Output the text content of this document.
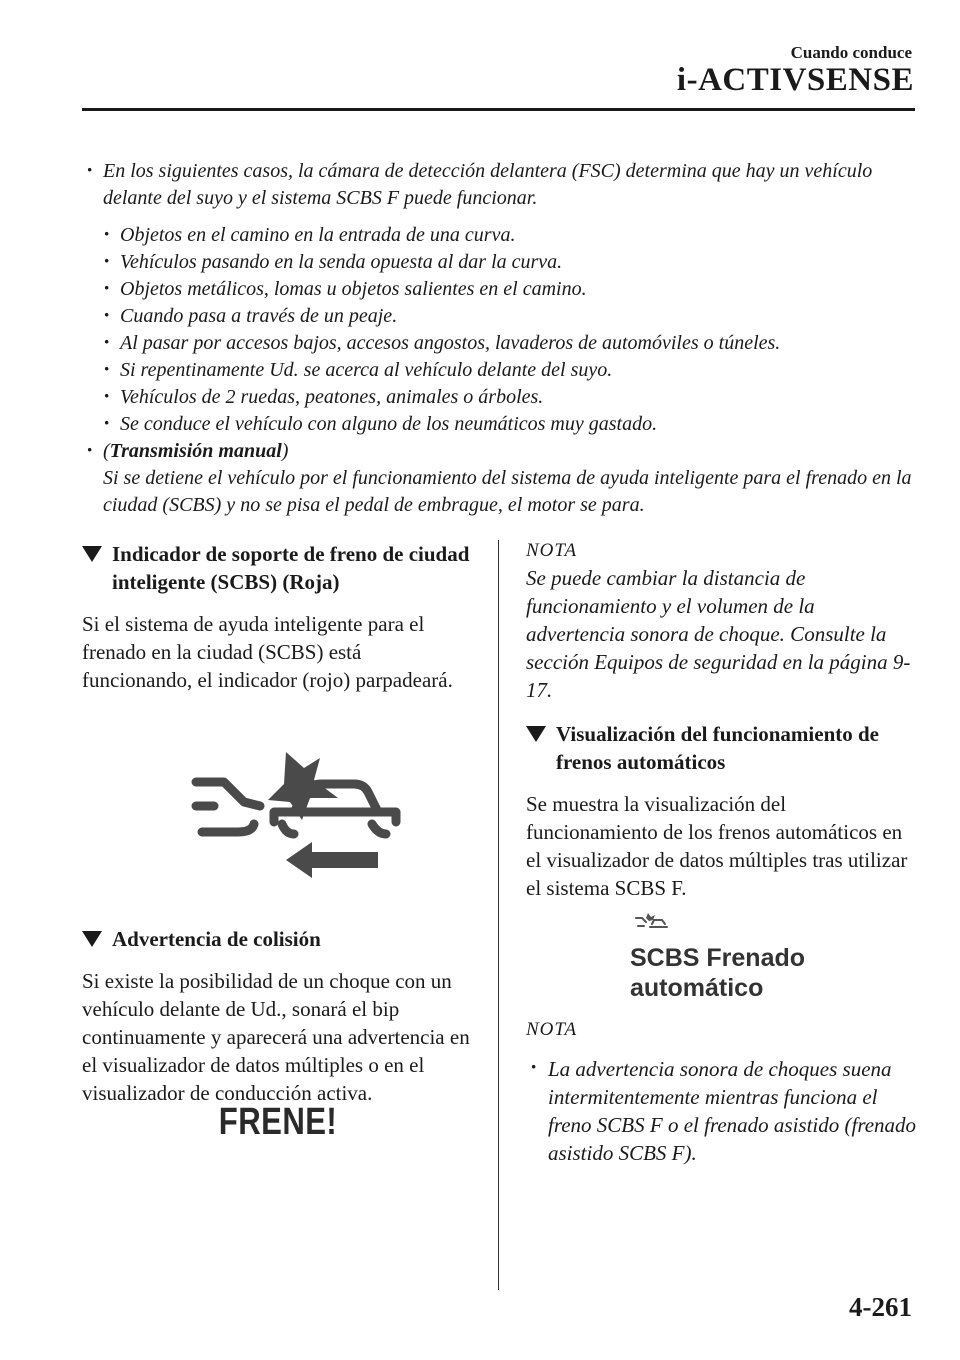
Cuando conduce
i-ACTIVSENSE
· En los siguientes casos, la cámara de detección delantera (FSC) determina que hay un vehículo delante del suyo y el sistema SCBS F puede funcionar.
· Objetos en el camino en la entrada de una curva.
· Vehículos pasando en la senda opuesta al dar la curva.
· Objetos metálicos, lomas u objetos salientes en el camino.
· Cuando pasa a través de un peaje.
· Al pasar por accesos bajos, accesos angostos, lavaderos de automóviles o túneles.
· Si repentinamente Ud. se acerca al vehículo delante del suyo.
· Vehículos de 2 ruedas, peatones, animales o árboles.
· Se conduce el vehículo con alguno de los neumáticos muy gastado.
· (Transmisión manual)
Si se detiene el vehículo por el funcionamiento del sistema de ayuda inteligente para el frenado en la ciudad (SCBS) y no se pisa el pedal de embrague, el motor se para.
Indicador de soporte de freno de ciudad inteligente (SCBS) (Roja)
Si el sistema de ayuda inteligente para el frenado en la ciudad (SCBS) está funcionando, el indicador (rojo) parpadeará.
Advertencia de colisión
Si existe la posibilidad de un choque con un vehículo delante de Ud., sonará el bip continuamente y aparecerá una advertencia en el visualizador de datos múltiples o en el visualizador de conducción activa.
FRENE!
NOTA
Se puede cambiar la distancia de funcionamiento y el volumen de la advertencia sonora de choque. Consulte la sección Equipos de seguridad en la página 9-17.
Visualización del funcionamiento de frenos automáticos
Se muestra la visualización del funcionamiento de los frenos automáticos en el visualizador de datos múltiples tras utilizar el sistema SCBS F.
SCBS Frenado
automático
NOTA
· La advertencia sonora de choques suena intermitentemente mientras funciona el freno SCBS F o el frenado asistido (frenado asistido SCBS F).
4-261
